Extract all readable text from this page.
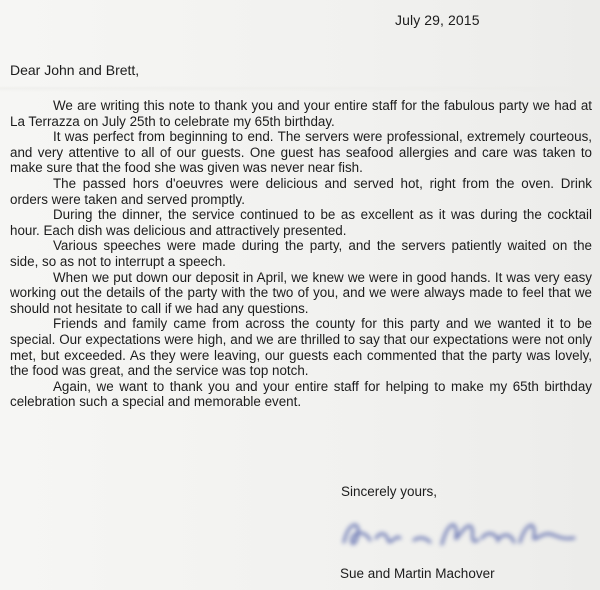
July 29, 2015
Dear John and Brett,

We are writing this note to thank you and your entire staff for the fabulous party we had at La Terrazza on July 25th to celebrate my 65th birthday.

It was perfect from beginning to end. The servers were professional, extremely courteous, and very attentive to all of our guests. One guest has seafood allergies and care was taken to make sure that the food she was given was never near fish.

The passed hors d'oeuvres were delicious and served hot, right from the oven. Drink orders were taken and served promptly.

During the dinner, the service continued to be as excellent as it was during the cocktail hour. Each dish was delicious and attractively presented.

Various speeches were made during the party, and the servers patiently waited on the side, so as not to interrupt a speech.

When we put down our deposit in April, we knew we were in good hands. It was very easy working out the details of the party with the two of you, and we were always made to feel that we should not hesitate to call if we had any questions.

Friends and family came from across the county for this party and we wanted it to be special. Our expectations were high, and we are thrilled to say that our expectations were not only met, but exceeded. As they were leaving, our guests each commented that the party was lovely, the food was great, and the service was top notch.

Again, we want to thank you and your entire staff for helping to make my 65th birthday celebration such a special and memorable event.

Sincerely yours,
Sue and Martin Machover
